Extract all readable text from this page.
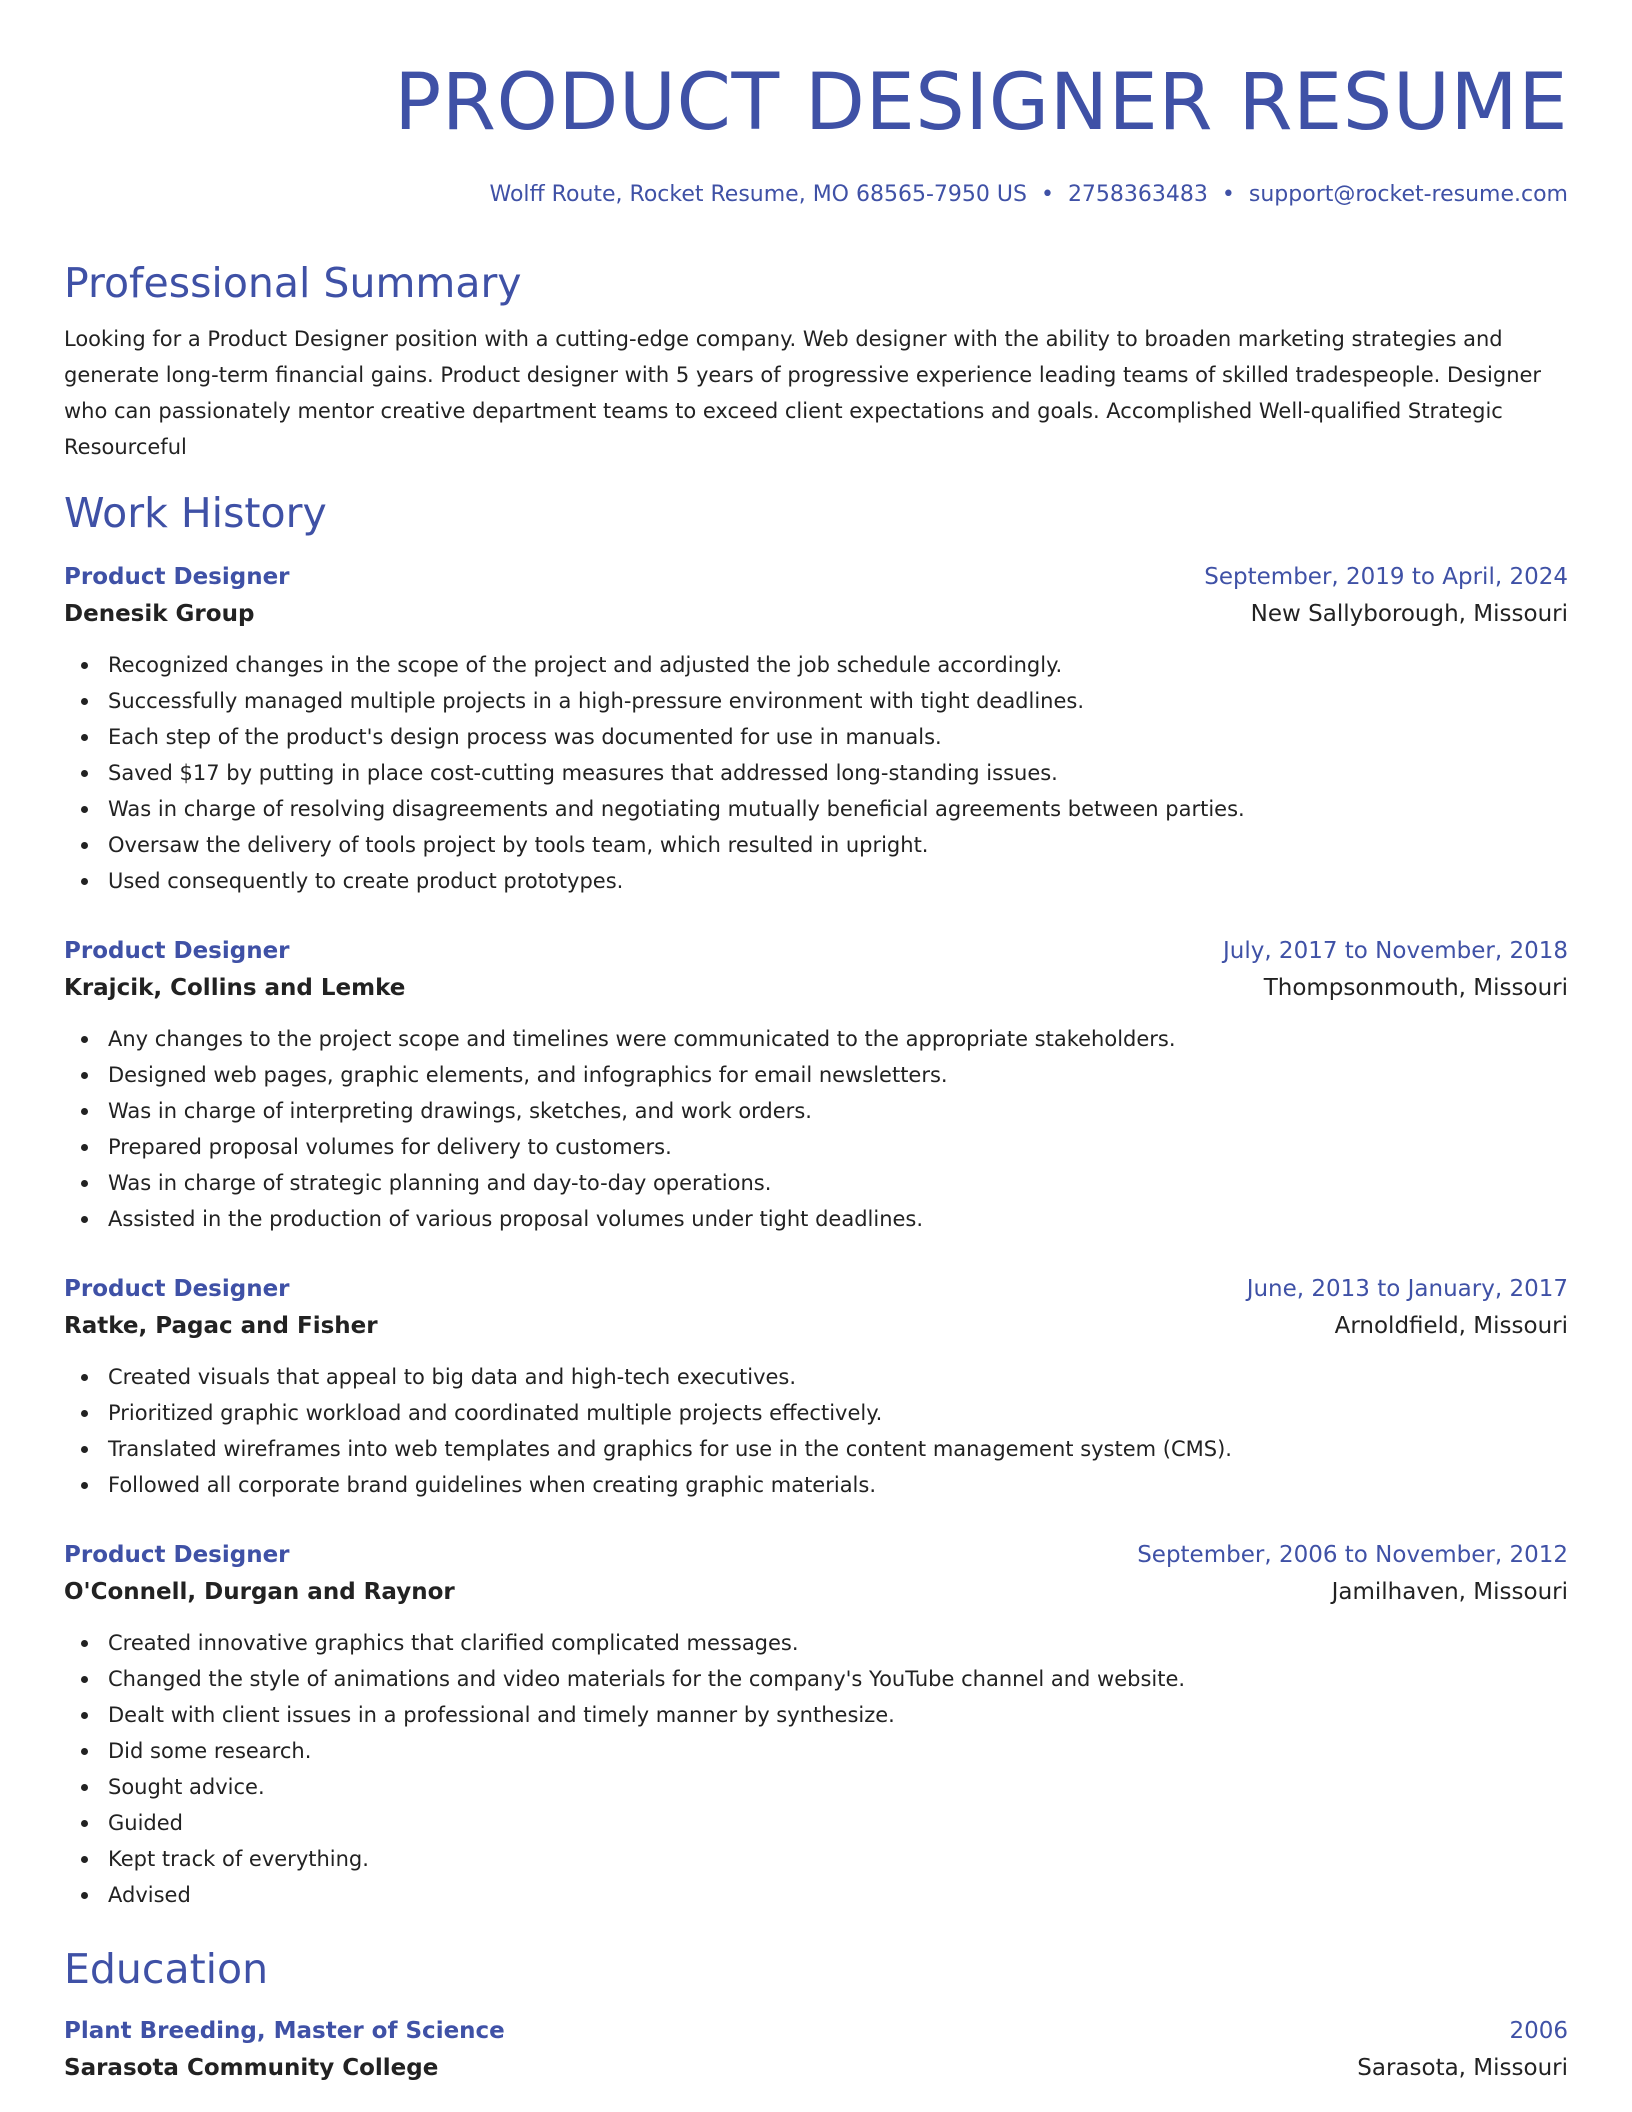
PRODUCT DESIGNER RESUME
Wolff Route, Rocket Resume, MO 68565-7950 US • 2758363483 • support@rocket-resume.com
Professional Summary
Looking for a Product Designer position with a cutting-edge company. Web designer with the ability to broaden marketing strategies and generate long-term financial gains. Product designer with 5 years of progressive experience leading teams of skilled tradespeople. Designer who can passionately mentor creative department teams to exceed client expectations and goals. Accomplished Well-qualified Strategic Resourceful
Work History
Product Designer	September, 2019 to April, 2024
Denesik Group	New Sallyborough, Missouri
Recognized changes in the scope of the project and adjusted the job schedule accordingly.
Successfully managed multiple projects in a high-pressure environment with tight deadlines.
Each step of the product's design process was documented for use in manuals.
Saved $17 by putting in place cost-cutting measures that addressed long-standing issues.
Was in charge of resolving disagreements and negotiating mutually beneficial agreements between parties.
Oversaw the delivery of tools project by tools team, which resulted in upright.
Used consequently to create product prototypes.
Product Designer	July, 2017 to November, 2018
Krajcik, Collins and Lemke	Thompsonmouth, Missouri
Any changes to the project scope and timelines were communicated to the appropriate stakeholders.
Designed web pages, graphic elements, and infographics for email newsletters.
Was in charge of interpreting drawings, sketches, and work orders.
Prepared proposal volumes for delivery to customers.
Was in charge of strategic planning and day-to-day operations.
Assisted in the production of various proposal volumes under tight deadlines.
Product Designer	June, 2013 to January, 2017
Ratke, Pagac and Fisher	Arnoldfield, Missouri
Created visuals that appeal to big data and high-tech executives.
Prioritized graphic workload and coordinated multiple projects effectively.
Translated wireframes into web templates and graphics for use in the content management system (CMS).
Followed all corporate brand guidelines when creating graphic materials.
Product Designer	September, 2006 to November, 2012
O'Connell, Durgan and Raynor	Jamilhaven, Missouri
Created innovative graphics that clarified complicated messages.
Changed the style of animations and video materials for the company's YouTube channel and website.
Dealt with client issues in a professional and timely manner by synthesize.
Did some research.
Sought advice.
Guided
Kept track of everything.
Advised
Education
Plant Breeding, Master of Science	2006
Sarasota Community College	Sarasota, Missouri
